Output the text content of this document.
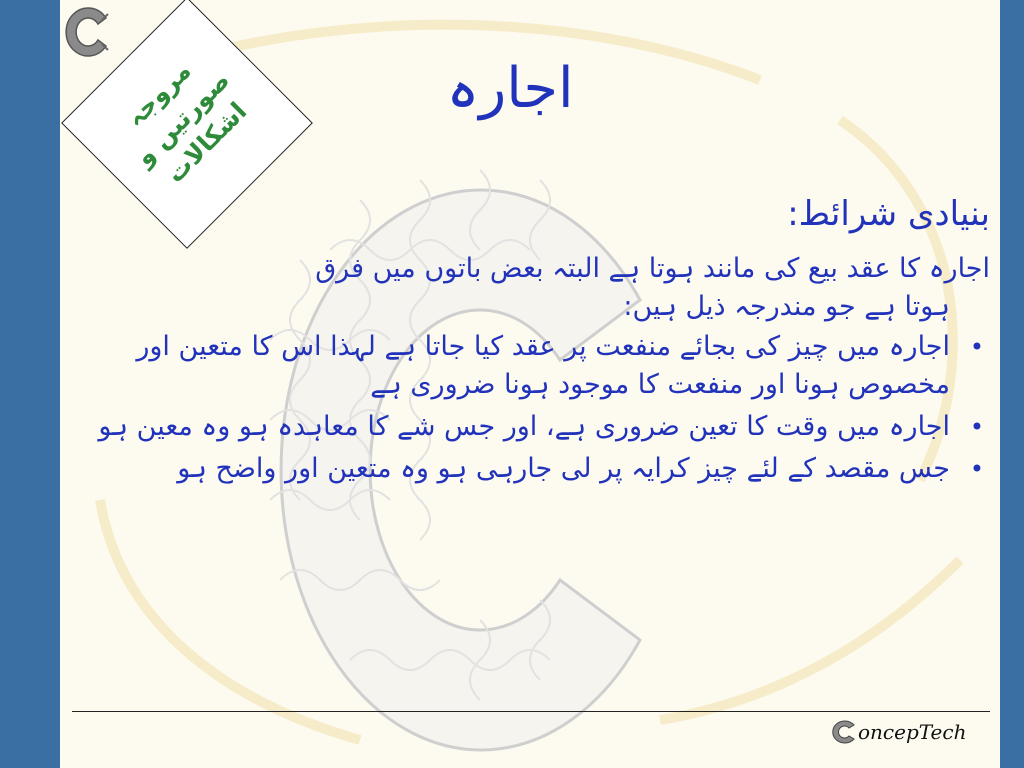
مروجہ صورتیں و اشکالات
اجارہ
بنیادی شرائط:

اجارہ کا عقد بیع کی مانند ہوتا ہے البتہ بعض باتوں میں فرق
ہوتا ہے جو مندرجہ ذیل ہیں:

•
اجارہ میں چیز کی بجائے منفعت پر عقد کیا جاتا ہے لہذا اس کا متعین اور مخصوص ہونا اور منفعت کا موجود ہونا ضروری ہے
•
اجارہ میں وقت کا تعین ضروری ہے، اور جس شے کا معاہدہ ہو وہ معین ہو
•
جس مقصد کے لئے چیز کرایہ پر لی جارہی ہو وہ متعین اور واضح ہو
oncepTech
